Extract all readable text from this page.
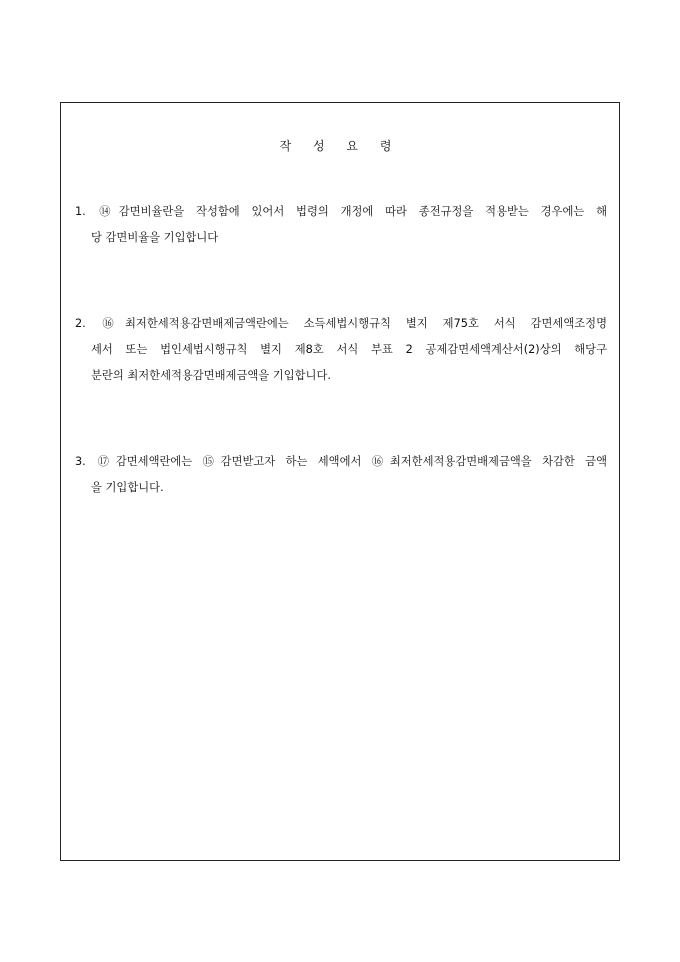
작 성 요 령
1. ⑭감면비율란을 작성함에 있어서 법령의 개정에 따라 종전규정을 적용받는 경우에는 해
당 감면비율을 기입합니다
2. ⑯최저한세적용감면배제금액란에는 소득세법시행규칙 별지 제75호 서식 감면세액조정명
세서 또는 법인세법시행규칙 별지 제8호 서식 부표 2 공제감면세액계산서(2)상의 해당구
분란의 최저한세적용감면배제금액을 기입합니다.
3. ⑰감면세액란에는 ⑮감면받고자 하는 세액에서 ⑯최저한세적용감면배제금액을 차감한 금액
을 기입합니다.
